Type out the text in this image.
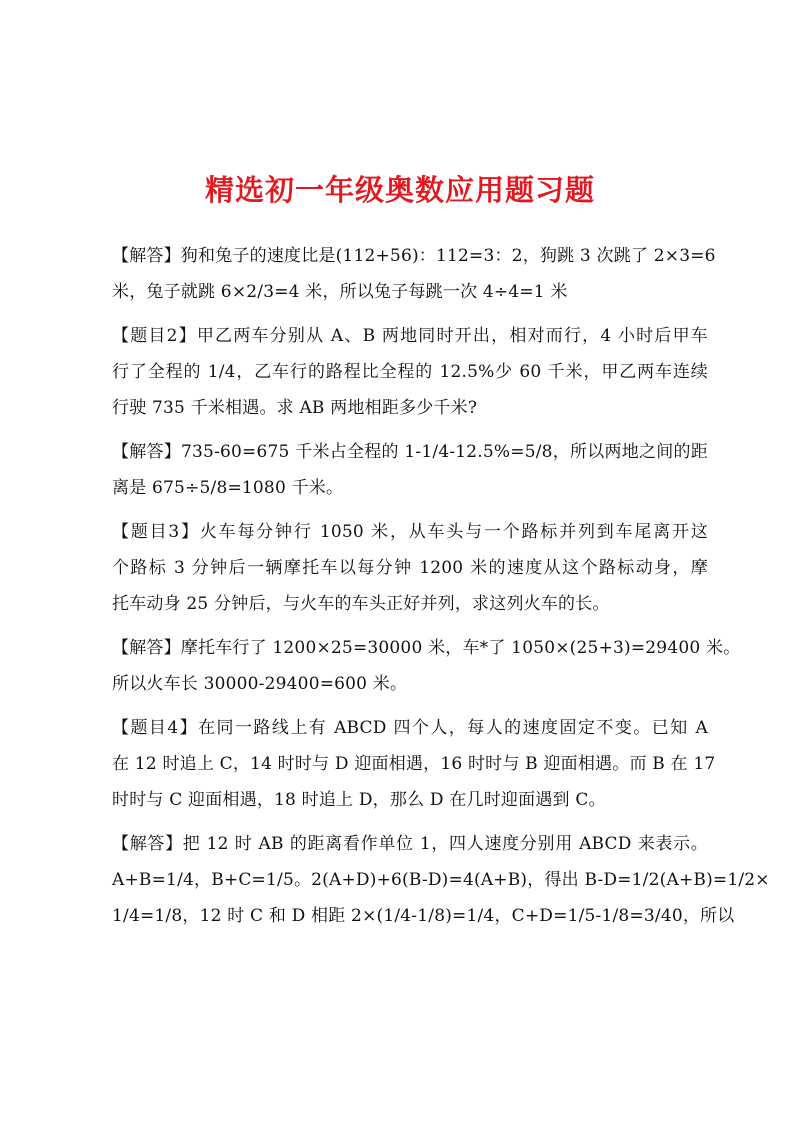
精选初一年级奥数应用题习题
【解答】狗和兔子的速度比是(112+56)：112=3：2，狗跳 3 次跳了 2×3=6
米，兔子就跳 6×2/3=4 米，所以兔子每跳一次 4÷4=1 米
【题目2】甲乙两车分别从 A、B 两地同时开出，相对而行，4 小时后甲车
行了全程的 1/4，乙车行的路程比全程的 12.5%少 60 千米，甲乙两车连续
行驶 735 千米相遇。求 AB 两地相距多少千米?
【解答】735-60=675 千米占全程的 1-1/4-12.5%=5/8，所以两地之间的距
离是 675÷5/8=1080 千米。
【题目3】火车每分钟行 1050 米，从车头与一个路标并列到车尾离开这
个路标 3 分钟后一辆摩托车以每分钟 1200 米的速度从这个路标动身，摩
托车动身 25 分钟后，与火车的车头正好并列，求这列火车的长。
【解答】摩托车行了 1200×25=30000 米，车*了 1050×(25+3)=29400 米。
所以火车长 30000-29400=600 米。
【题目4】在同一路线上有 ABCD 四个人，每人的速度固定不变。已知 A
在 12 时追上 C，14 时时与 D 迎面相遇，16 时时与 B 迎面相遇。而 B 在 17
时时与 C 迎面相遇，18 时追上 D，那么 D 在几时迎面遇到 C。
【解答】把 12 时 AB 的距离看作单位 1，四人速度分别用 ABCD 来表示。
A+B=1/4，B+C=1/5。2(A+D)+6(B-D)=4(A+B)，得出 B-D=1/2(A+B)=1/2×
1/4=1/8，12 时 C 和 D 相距 2×(1/4-1/8)=1/4，C+D=1/5-1/8=3/40，所以
